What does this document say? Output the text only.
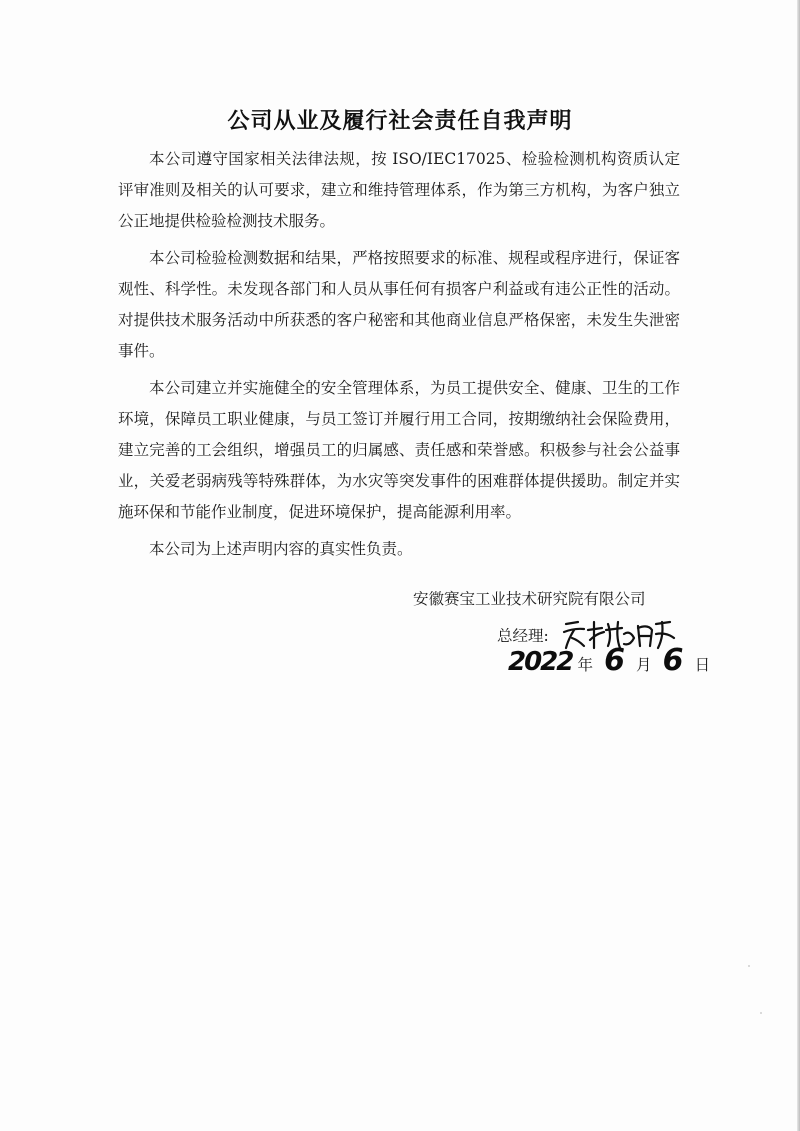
公司从业及履行社会责任自我声明

本公司遵守国家相关法律法规，按 ISO/IEC17025、检验检测机构资质认定评审准则及相关的认可要求，建立和维持管理体系，作为第三方机构，为客户独立公正地提供检验检测技术服务。

本公司检验检测数据和结果，严格按照要求的标准、规程或程序进行，保证客观性、科学性。未发现各部门和人员从事任何有损客户利益或有违公正性的活动。对提供技术服务活动中所获悉的客户秘密和其他商业信息严格保密，未发生失泄密事件。

本公司建立并实施健全的安全管理体系，为员工提供安全、健康、卫生的工作环境，保障员工职业健康，与员工签订并履行用工合同，按期缴纳社会保险费用，建立完善的工会组织，增强员工的归属感、责任感和荣誉感。积极参与社会公益事业，关爱老弱病残等特殊群体，为水灾等突发事件的困难群体提供援助。制定并实施环保和节能作业制度，促进环境保护，提高能源利用率。

本公司为上述声明内容的真实性负责。

安徽赛宝工业技术研究院有限公司
总经理:
2022 年 6 月 6 日
